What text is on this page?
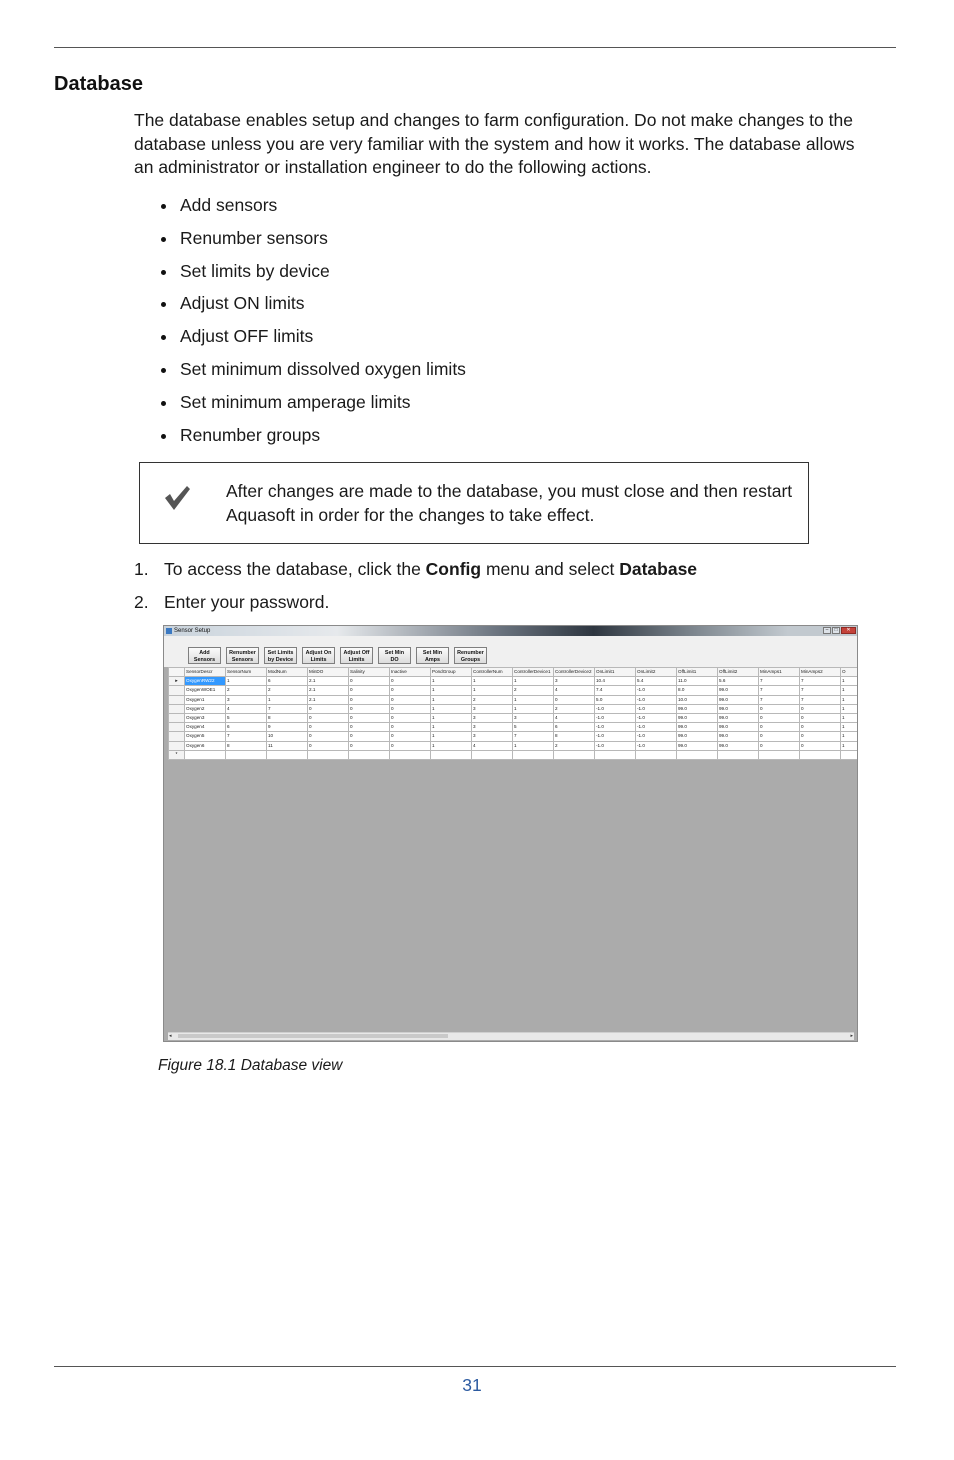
Database

The database enables setup and changes to farm configuration. Do not make changes to the database unless you are very familiar with the system and how it works. The database allows an administrator or installation engineer to do the following actions.

Add sensors
Renumber sensors
Set limits by device
Adjust ON limits
Adjust OFF limits
Set minimum dissolved oxygen limits
Set minimum amperage limits
Renumber groups
After changes are made to the database, you must close and then restart Aquasoft in order for the changes to take effect.
1. To access the database, click the Config menu and select Database
2. Enter your password.
Sensor Setup	–	□	✕
Add
Sensors
Renumber
Sensors
Set Limits
by Device
Adjust On
Limits
Adjust Off
Limits
Set Min
DO
Set Min
Amps
Renumber
Groups
	SensorDescr	SensorNum	ModNum	MinDO	Salinity	Inactive	PondGroup	ControllerNum	ControllerDevice1	ControllerDevice2	OnLimit1	OnLimit2	OffLimit1	OffLimit2	MinAmps1	MinAmps2	O
▸	OxygenRW22	1	6	2.1	0	0	1	1	1	3	10.4	5.4	11.0	5.6	7	7	1
	OxygenWOE1	2	2	2.1	0	0	1	1	2	4	7.4	-1.0	8.0	99.0	7	7	1
	Oxygen1	3	1	2.1	0	0	1	2	1	0	5.0	-1.0	10.0	99.0	7	7	1
	Oxygen2	4	7	0	0	0	1	3	1	2	-1.0	-1.0	99.0	99.0	0	0	1
	Oxygen3	5	8	0	0	0	1	3	3	4	-1.0	-1.0	99.0	99.0	0	0	1
	Oxygen4	6	9	0	0	0	1	3	5	6	-1.0	-1.0	99.0	99.0	0	0	1
	Oxygen5	7	10	0	0	0	1	3	7	8	-1.0	-1.0	99.0	99.0	0	0	1
	Oxygen6	8	11	0	0	0	1	4	1	2	-1.0	-1.0	99.0	99.0	0	0	1
*																	
◂	▸

Figure 18.1 Database view

31
